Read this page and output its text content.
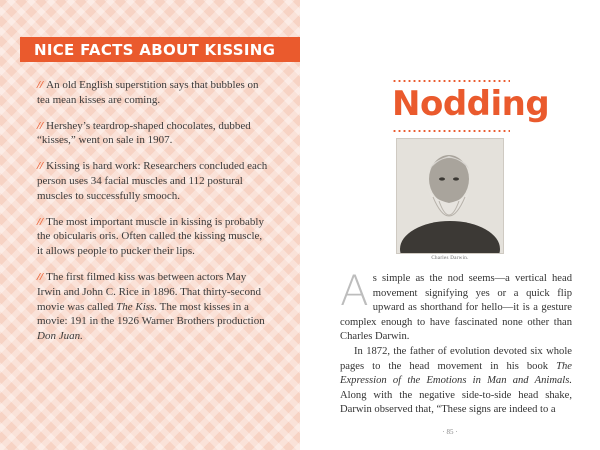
NICE FACTS ABOUT KISSING

// An old English superstition says that bubbles on tea mean kisses are coming.

// Hershey’s teardrop-shaped chocolates, dubbed “kisses,” went on sale in 1907.

// Kissing is hard work: Researchers concluded each person uses 34 facial muscles and 112 postural muscles to successfully smooch.

// The most important muscle in kissing is probably the obicularis oris. Often called the kissing muscle, it allows people to pucker their lips.

// The first filmed kiss was between actors May Irwin and John C. Rice in 1896. That thirty-second movie was called The Kiss. The most kisses in a movie: 191 in the 1926 Warner Brothers production Don Juan.

Nodding
Charles Darwin.
A s simple as the nod seems—a vertical head movement signifying yes or a quick flip upward as shorthand for hello—it is a gesture complex enough to have fascinated none other than Charles Darwin.

In 1872, the father of evolution devoted six whole pages to the head movement in his book The Expression of the Emotions in Man and Animals. Along with the negative side-to-side head shake, Darwin observed that, “These signs are indeed to a

· 85 ·
